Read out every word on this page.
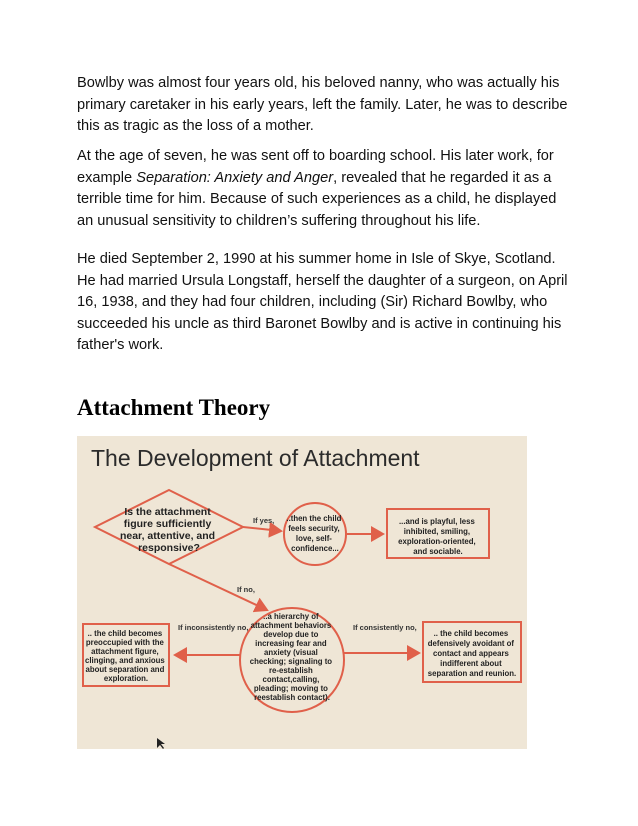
Bowlby was almost four years old, his beloved nanny, who was actually his primary caretaker in his early years, left the family. Later, he was to describe this as tragic as the loss of a mother.

At the age of seven, he was sent off to boarding school. His later work, for example Separation: Anxiety and Anger, revealed that he regarded it as a terrible time for him. Because of such experiences as a child, he displayed an unusual sensitivity to children’s suffering throughout his life.

He died September 2, 1990 at his summer home in Isle of Skye, Scotland. He had married Ursula Longstaff, herself the daughter of a surgeon, on April 16, 1938, and they had four children, including (Sir) Richard Bowlby, who succeeded his uncle as third Baronet Bowlby and is active in continuing his father's work.

Attachment Theory
The Development of Attachment
Is the attachment figure sufficiently near, attentive, and responsive?
..then the child feels security, love, self- confidence...
...and is playful, less inhibited, smiling, exploration-oriented, and sociable.
..a hierarchy of attachment behaviors develop due to increasing fear and anxiety (visual checking; signaling to re-establish contact,calling, pleading; moving to reestablish contact).
.. the child becomes preoccupied with the attachment figure, clinging, and anxious about separation and exploration.
.. the child becomes defensively avoidant of contact and appears indifferent about separation and reunion.
If yes,
If no,
If inconsistently no,	If consistently no,
